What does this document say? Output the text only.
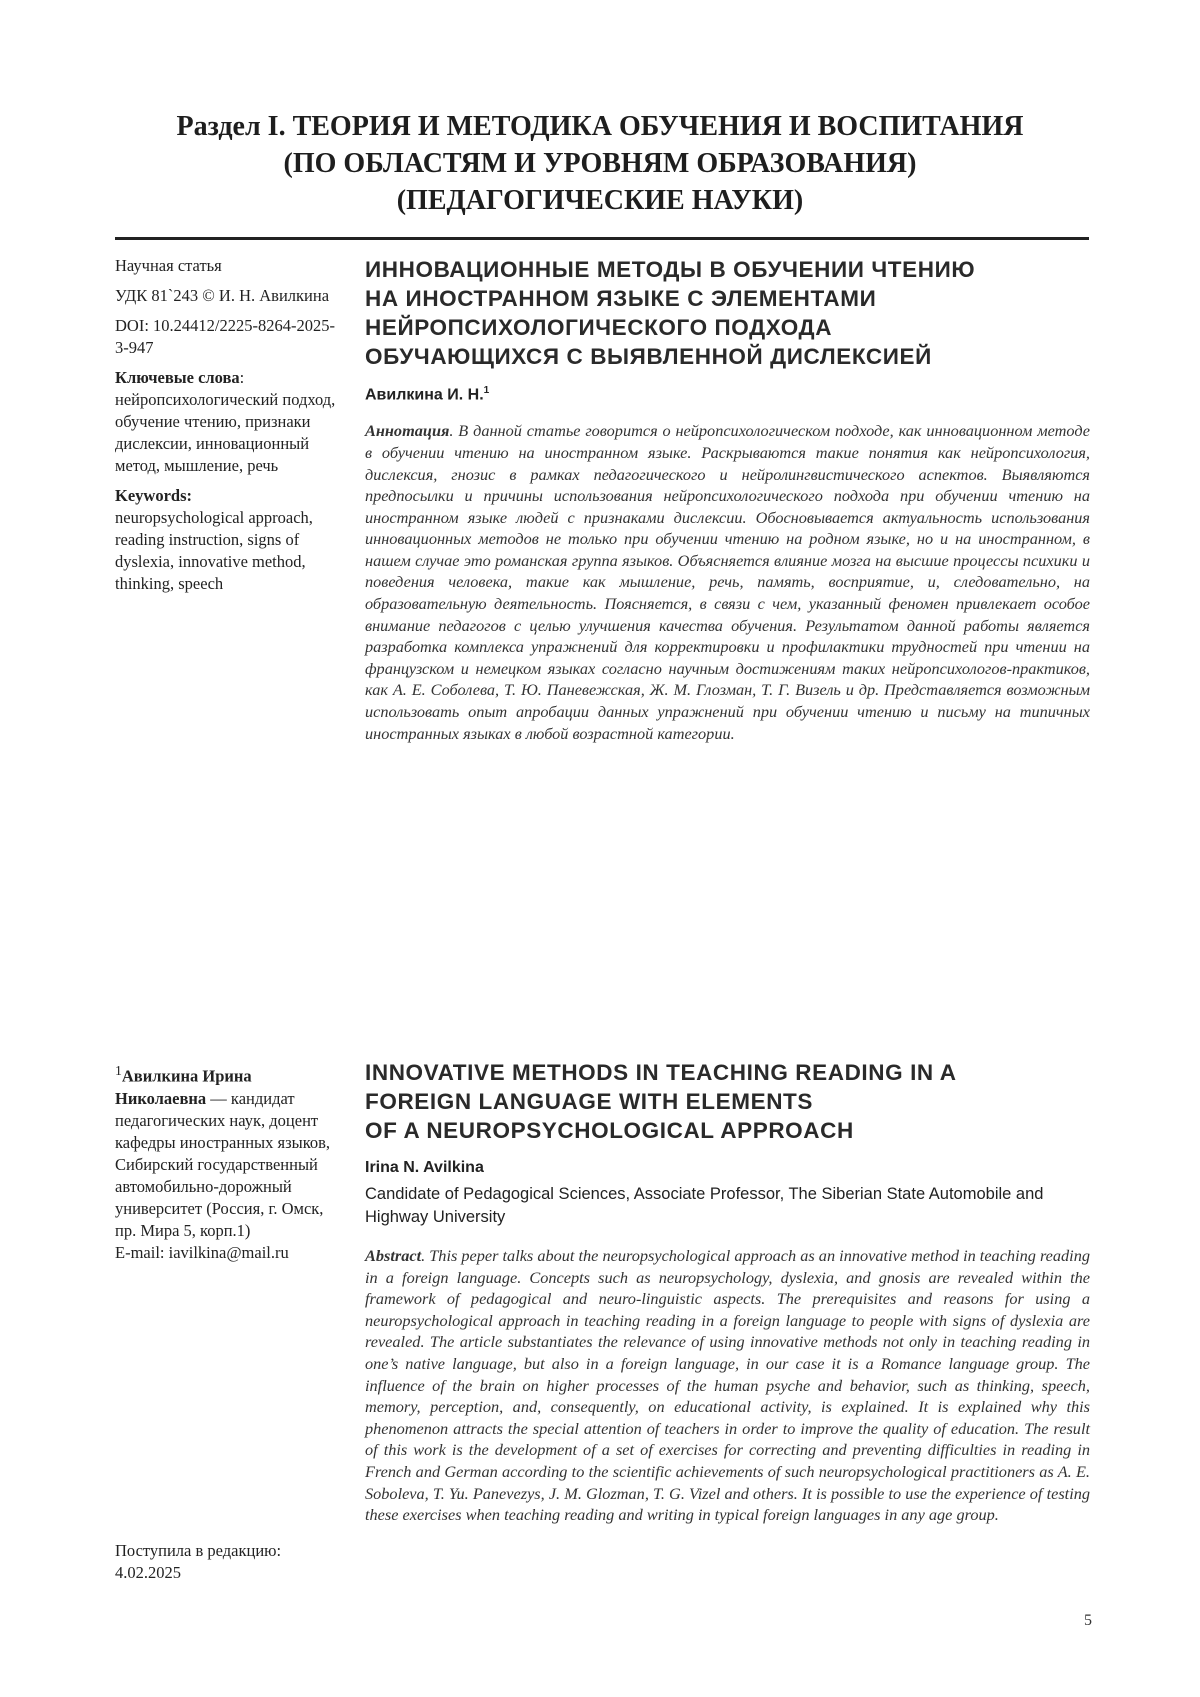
Раздел I. ТЕОРИЯ И МЕТОДИКА ОБУЧЕНИЯ И ВОСПИТАНИЯ
(ПО ОБЛАСТЯМ И УРОВНЯМ ОБРАЗОВАНИЯ)
(ПЕДАГОГИЧЕСКИЕ НАУКИ)

Научная статья

УДК 81`243 © И. Н. Авилкина

DOI: 10.24412/2225-8264-2025-3-947

Ключевые слова: нейропсихологический подход, обучение чтению, признаки дислексии, инновационный метод, мышление, речь

Keywords:
neuropsychological approach, reading instruction, signs of dyslexia, innovative method, thinking, speech

ИННОВАЦИОННЫЕ МЕТОДЫ В ОБУЧЕНИИ ЧТЕНИЮ
НА ИНОСТРАННОМ ЯЗЫКЕ С ЭЛЕМЕНТАМИ
НЕЙРОПСИХОЛОГИЧЕСКОГО ПОДХОДА
ОБУЧАЮЩИХСЯ С ВЫЯВЛЕННОЙ ДИСЛЕКСИЕЙ
Авилкина И. Н.1
Аннотация. В данной статье говорится о нейропсихологическом подходе, как инновационном методе в обучении чтению на иностранном языке. Раскрываются такие понятия как нейропсихология, дислексия, гнозис в рамках педагогического и нейролингвистического аспектов. Выявляются предпосылки и причины использования нейропсихологического подхода при обучении чтению на иностранном языке людей с признаками дислексии. Обосновывается актуальность использования инновационных методов не только при обучении чтению на родном языке, но и на иностранном, в нашем случае это романская группа языков. Объясняется влияние мозга на высшие процессы психики и поведения человека, такие как мышление, речь, память, восприятие, и, следовательно, на образовательную деятельность. Поясняется, в связи с чем, указанный феномен привлекает особое внимание педагогов с целью улучшения качества обучения. Результатом данной работы является разработка комплекса упражнений для корректировки и профилактики трудностей при чтении на французском и немецком языках согласно научным достижениям таких нейропсихологов-практиков, как А. Е. Соболева, Т. Ю. Паневежская, Ж. М. Глозман, Т. Г. Визель и др. Представляется возможным использовать опыт апробации данных упражнений при обучении чтению и письму на типичных иностранных языках в любой возрастной категории.

1Авилкина Ирина Николаевна — кандидат педагогических наук, доцент кафедры иностранных языков, Сибирский государственный автомобильно-дорожный университет (Россия, г. Омск, пр. Мира 5, корп.1)
E-mail: iavilkina@mail.ru

Поступила в редакцию:

4.02.2025

INNOVATIVE METHODS IN TEACHING READING IN A
FOREIGN LANGUAGE WITH ELEMENTS
OF A NEUROPSYCHOLOGICAL APPROACH
Irina N. Avilkina
Candidate of Pedagogical Sciences, Associate Professor, The Siberian State Automobile and Highway University
Abstract. This peper talks about the neuropsychological approach as an innovative method in teaching reading in a foreign language. Concepts such as neuropsychology, dyslexia, and gnosis are revealed within the framework of pedagogical and neuro-linguistic aspects. The prerequisites and reasons for using a neuropsychological approach in teaching reading in a foreign language to people with signs of dyslexia are revealed. The article substantiates the relevance of using innovative methods not only in teaching reading in one’s native language, but also in a foreign language, in our case it is a Romance language group. The influence of the brain on higher processes of the human psyche and behavior, such as thinking, speech, memory, perception, and, consequently, on educational activity, is explained. It is explained why this phenomenon attracts the special attention of teachers in order to improve the quality of education. The result of this work is the development of a set of exercises for correcting and preventing difficulties in reading in French and German according to the scientific achievements of such neuropsychological practitioners as A. E. Soboleva, T. Yu. Panevezys, J. M. Glozman, T. G. Vizel and others. It is possible to use the experience of testing these exercises when teaching reading and writing in typical foreign languages in any age group.
5
